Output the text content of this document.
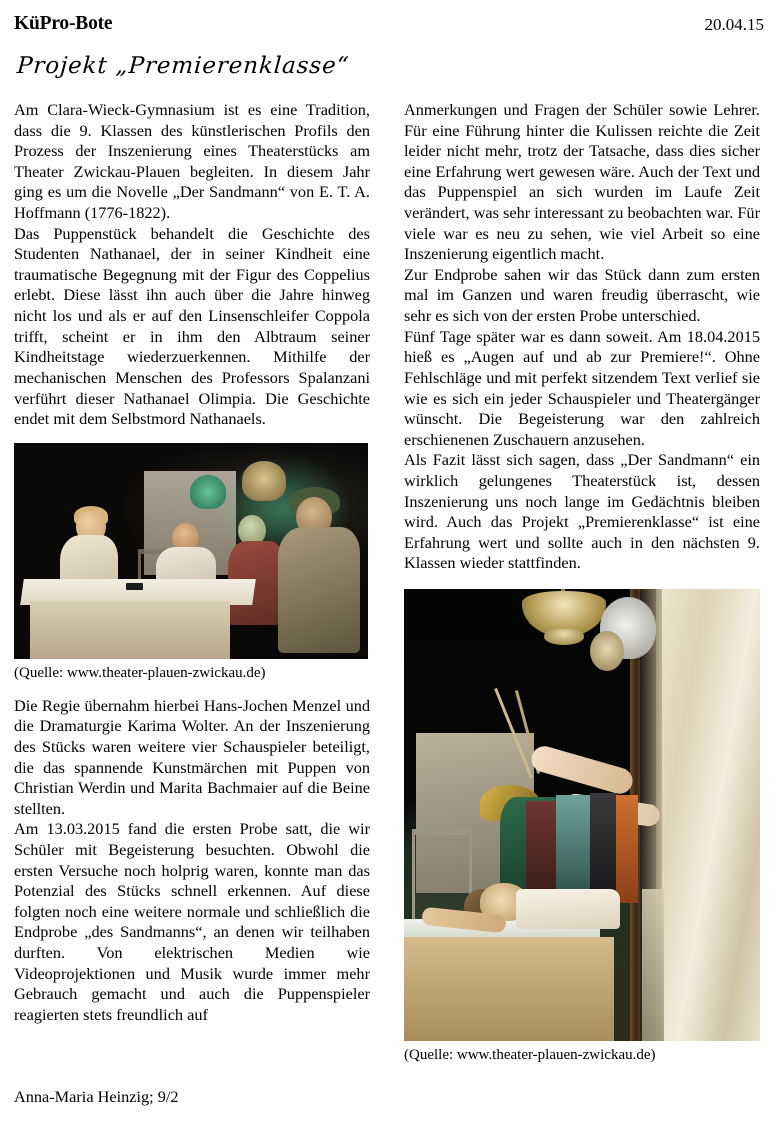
KüPro-Bote	20.04.15
Projekt „Premierenklasse“

Am Clara-Wieck-Gymnasium ist es eine Tradition, dass die 9. Klassen des künstlerischen Profils den Prozess der Inszenierung eines Theaterstücks am Theater Zwickau-Plauen begleiten. In diesem Jahr ging es um die Novelle „Der Sandmann“ von E. T. A. Hoffmann (1776-1822).

Das Puppenstück behandelt die Geschichte des Studenten Nathanael, der in seiner Kindheit eine traumatische Begegnung mit der Figur des Coppelius erlebt. Diese lässt ihn auch über die Jahre hinweg nicht los und als er auf den Linsenschleifer Coppola trifft, scheint er in ihm den Albtraum seiner Kindheitstage wiederzuerkennen. Mithilfe der mechanischen Menschen des Professors Spalanzani verführt dieser Nathanael Olimpia. Die Geschichte endet mit dem Selbstmord Nathanaels.

(Quelle: www.theater-plauen-zwickau.de)

Die Regie übernahm hierbei Hans-Jochen Menzel und die Dramaturgie Karima Wolter. An der Inszenierung des Stücks waren weitere vier Schauspieler beteiligt, die das spannende Kunstmärchen mit Puppen von Christian Werdin und Marita Bachmaier auf die Beine stellten.

Am 13.03.2015 fand die ersten Probe satt, die wir Schüler mit Begeisterung besuchten. Obwohl die ersten Versuche noch holprig waren, konnte man das Potenzial des Stücks schnell erkennen. Auf diese folgten noch eine weitere normale und schließlich die Endprobe „des Sandmanns“, an denen wir teilhaben durften. Von elektrischen Medien wie Videoprojektionen und Musik wurde immer mehr Gebrauch gemacht und auch die Puppenspieler reagierten stets freundlich auf

Anmerkungen und Fragen der Schüler sowie Lehrer. Für eine Führung hinter die Kulissen reichte die Zeit leider nicht mehr, trotz der Tatsache, dass dies sicher eine Erfahrung wert gewesen wäre. Auch der Text und das Puppenspiel an sich wurden im Laufe Zeit verändert, was sehr interessant zu beobachten war. Für viele war es neu zu sehen, wie viel Arbeit so eine Inszenierung eigentlich macht.

Zur Endprobe sahen wir das Stück dann zum ersten mal im Ganzen und waren freudig überrascht, wie sehr es sich von der ersten Probe unterschied.

Fünf Tage später war es dann soweit. Am 18.04.2015 hieß es „Augen auf und ab zur Premiere!“. Ohne Fehlschläge und mit perfekt sitzendem Text verlief sie wie es sich ein jeder Schauspieler und Theatergänger wünscht. Die Begeisterung war den zahlreich erschienenen Zuschauern anzusehen.

Als Fazit lässt sich sagen, dass „Der Sandmann“ ein wirklich gelungenes Theaterstück ist, dessen Inszenierung uns noch lange im Gedächtnis bleiben wird. Auch das Projekt „Premierenklasse“ ist eine Erfahrung wert und sollte auch in den nächsten 9. Klassen wieder stattfinden.

(Quelle: www.theater-plauen-zwickau.de)

Anna-Maria Heinzig; 9/2
